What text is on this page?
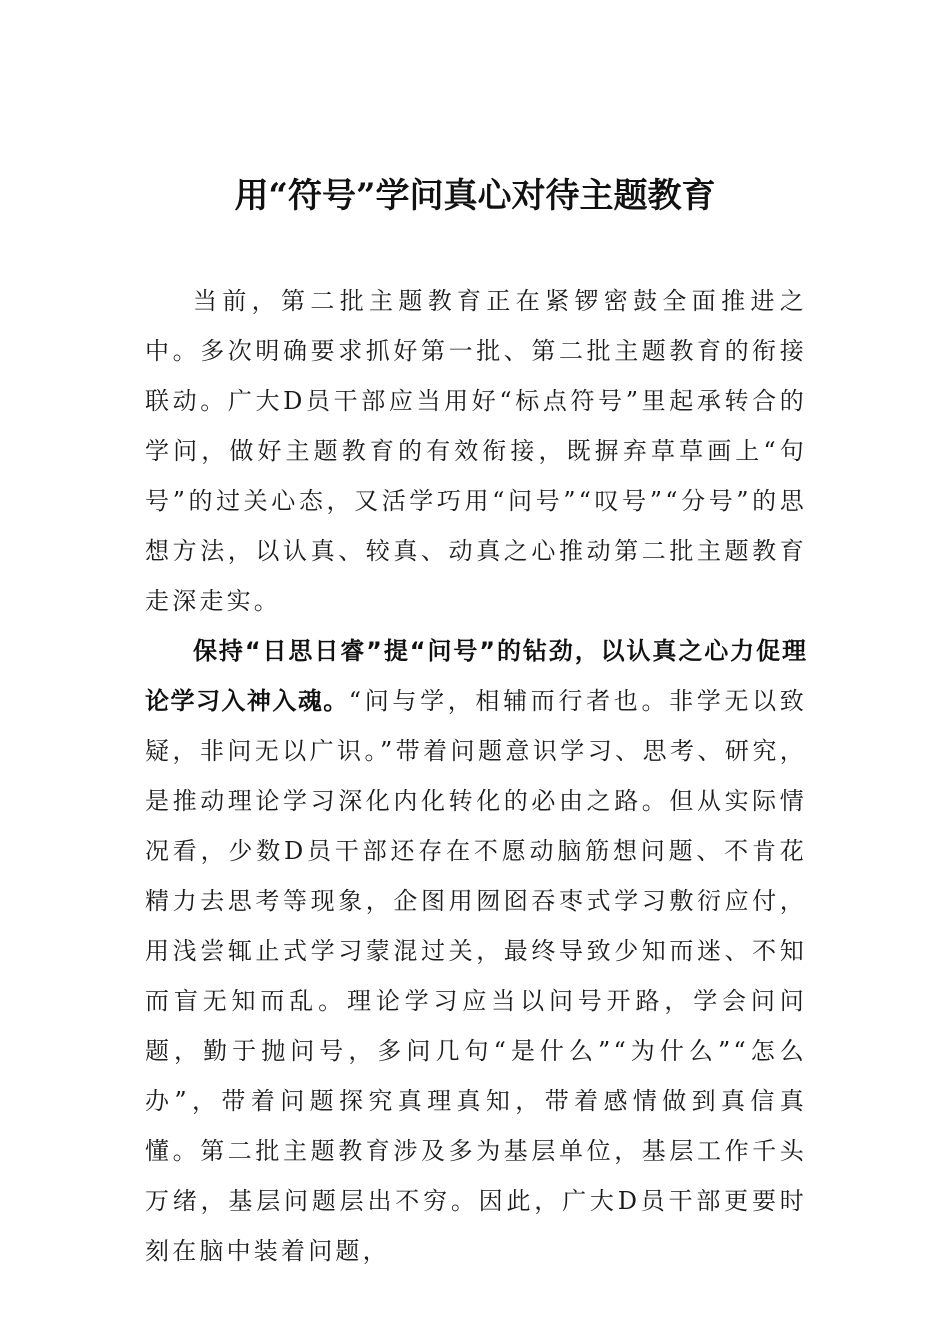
用“符号”学问真心对待主题教育

当前，第二批主题教育正在紧锣密鼓全面推进之中。多次明确要求抓好第一批、第二批主题教育的衔接联动。广大D员干部应当用好“标点符号”里起承转合的学问，做好主题教育的有效衔接，既摒弃草草画上“句号”的过关心态，又活学巧用“问号”“叹号”“分号”的思想方法，以认真、较真、动真之心推动第二批主题教育走深走实。

保持“日思日睿”提“问号”的钻劲，以认真之心力促理论学习入神入魂。“问与学，相辅而行者也。非学无以致疑，非问无以广识。”带着问题意识学习、思考、研究，是推动理论学习深化内化转化的必由之路。但从实际情况看，少数D员干部还存在不愿动脑筋想问题、不肯花精力去思考等现象，企图用囫囵吞枣式学习敷衍应付，用浅尝辄止式学习蒙混过关，最终导致少知而迷、不知而盲无知而乱。理论学习应当以问号开路，学会问问题，勤于抛问号，多问几句“是什么”“为什么”“怎么办”，带着问题探究真理真知，带着感情做到真信真懂。第二批主题教育涉及多为基层单位，基层工作千头万绪，基层问题层出不穷。因此，广大D员干部更要时刻在脑中装着问题，
